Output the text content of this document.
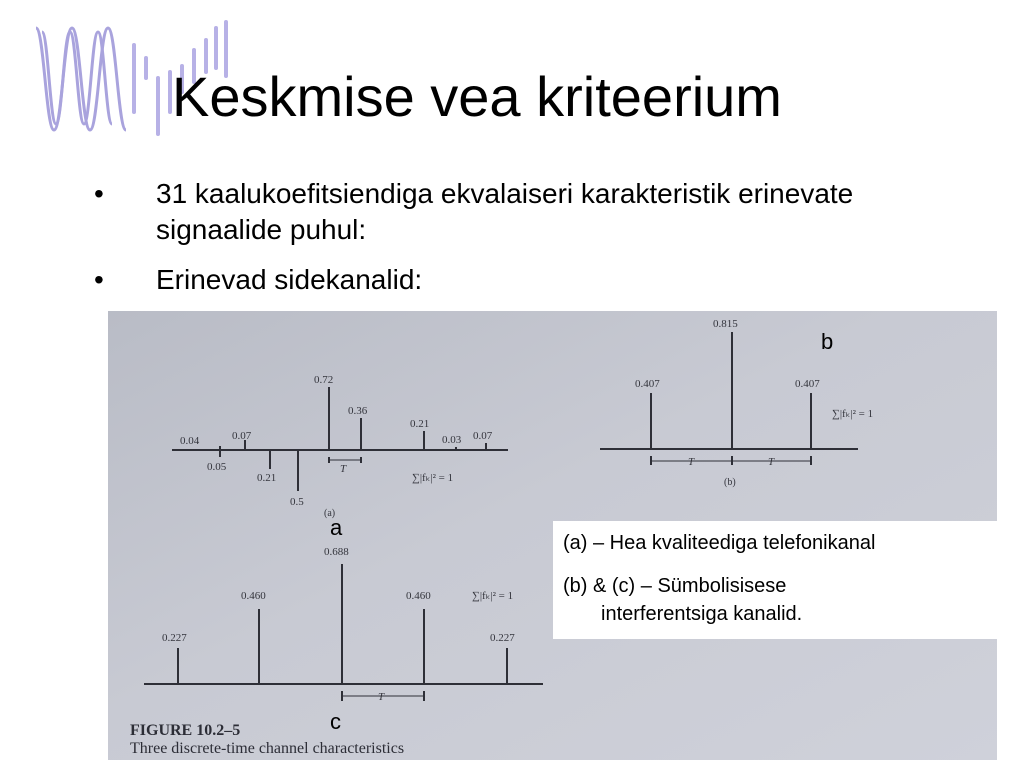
Keskmise vea kriteerium
• 31 kaalukoefitsiendiga ekvalaiseri karakteristik erinevate
signaalide puhul:
• Erinevad sidekanalid:
0.04	0.07
0.72
0.36
0.21
0.03 0.07
0.05
0.21
0.5
T
∑|fₖ|² = 1
(a)
0.407
0.815
0.407
T	T
∑|fₖ|² = 1
(b)
0.227
0.460
0.688
0.460
0.227
T
∑|fₖ|² = 1
FIGURE 10.2–5
Three discrete-time channel characteristics
b
a
c
(a) – Hea kvaliteediga telefonikanal
(b) & (c) – Sümbolisisese
interferentsiga kanalid.
